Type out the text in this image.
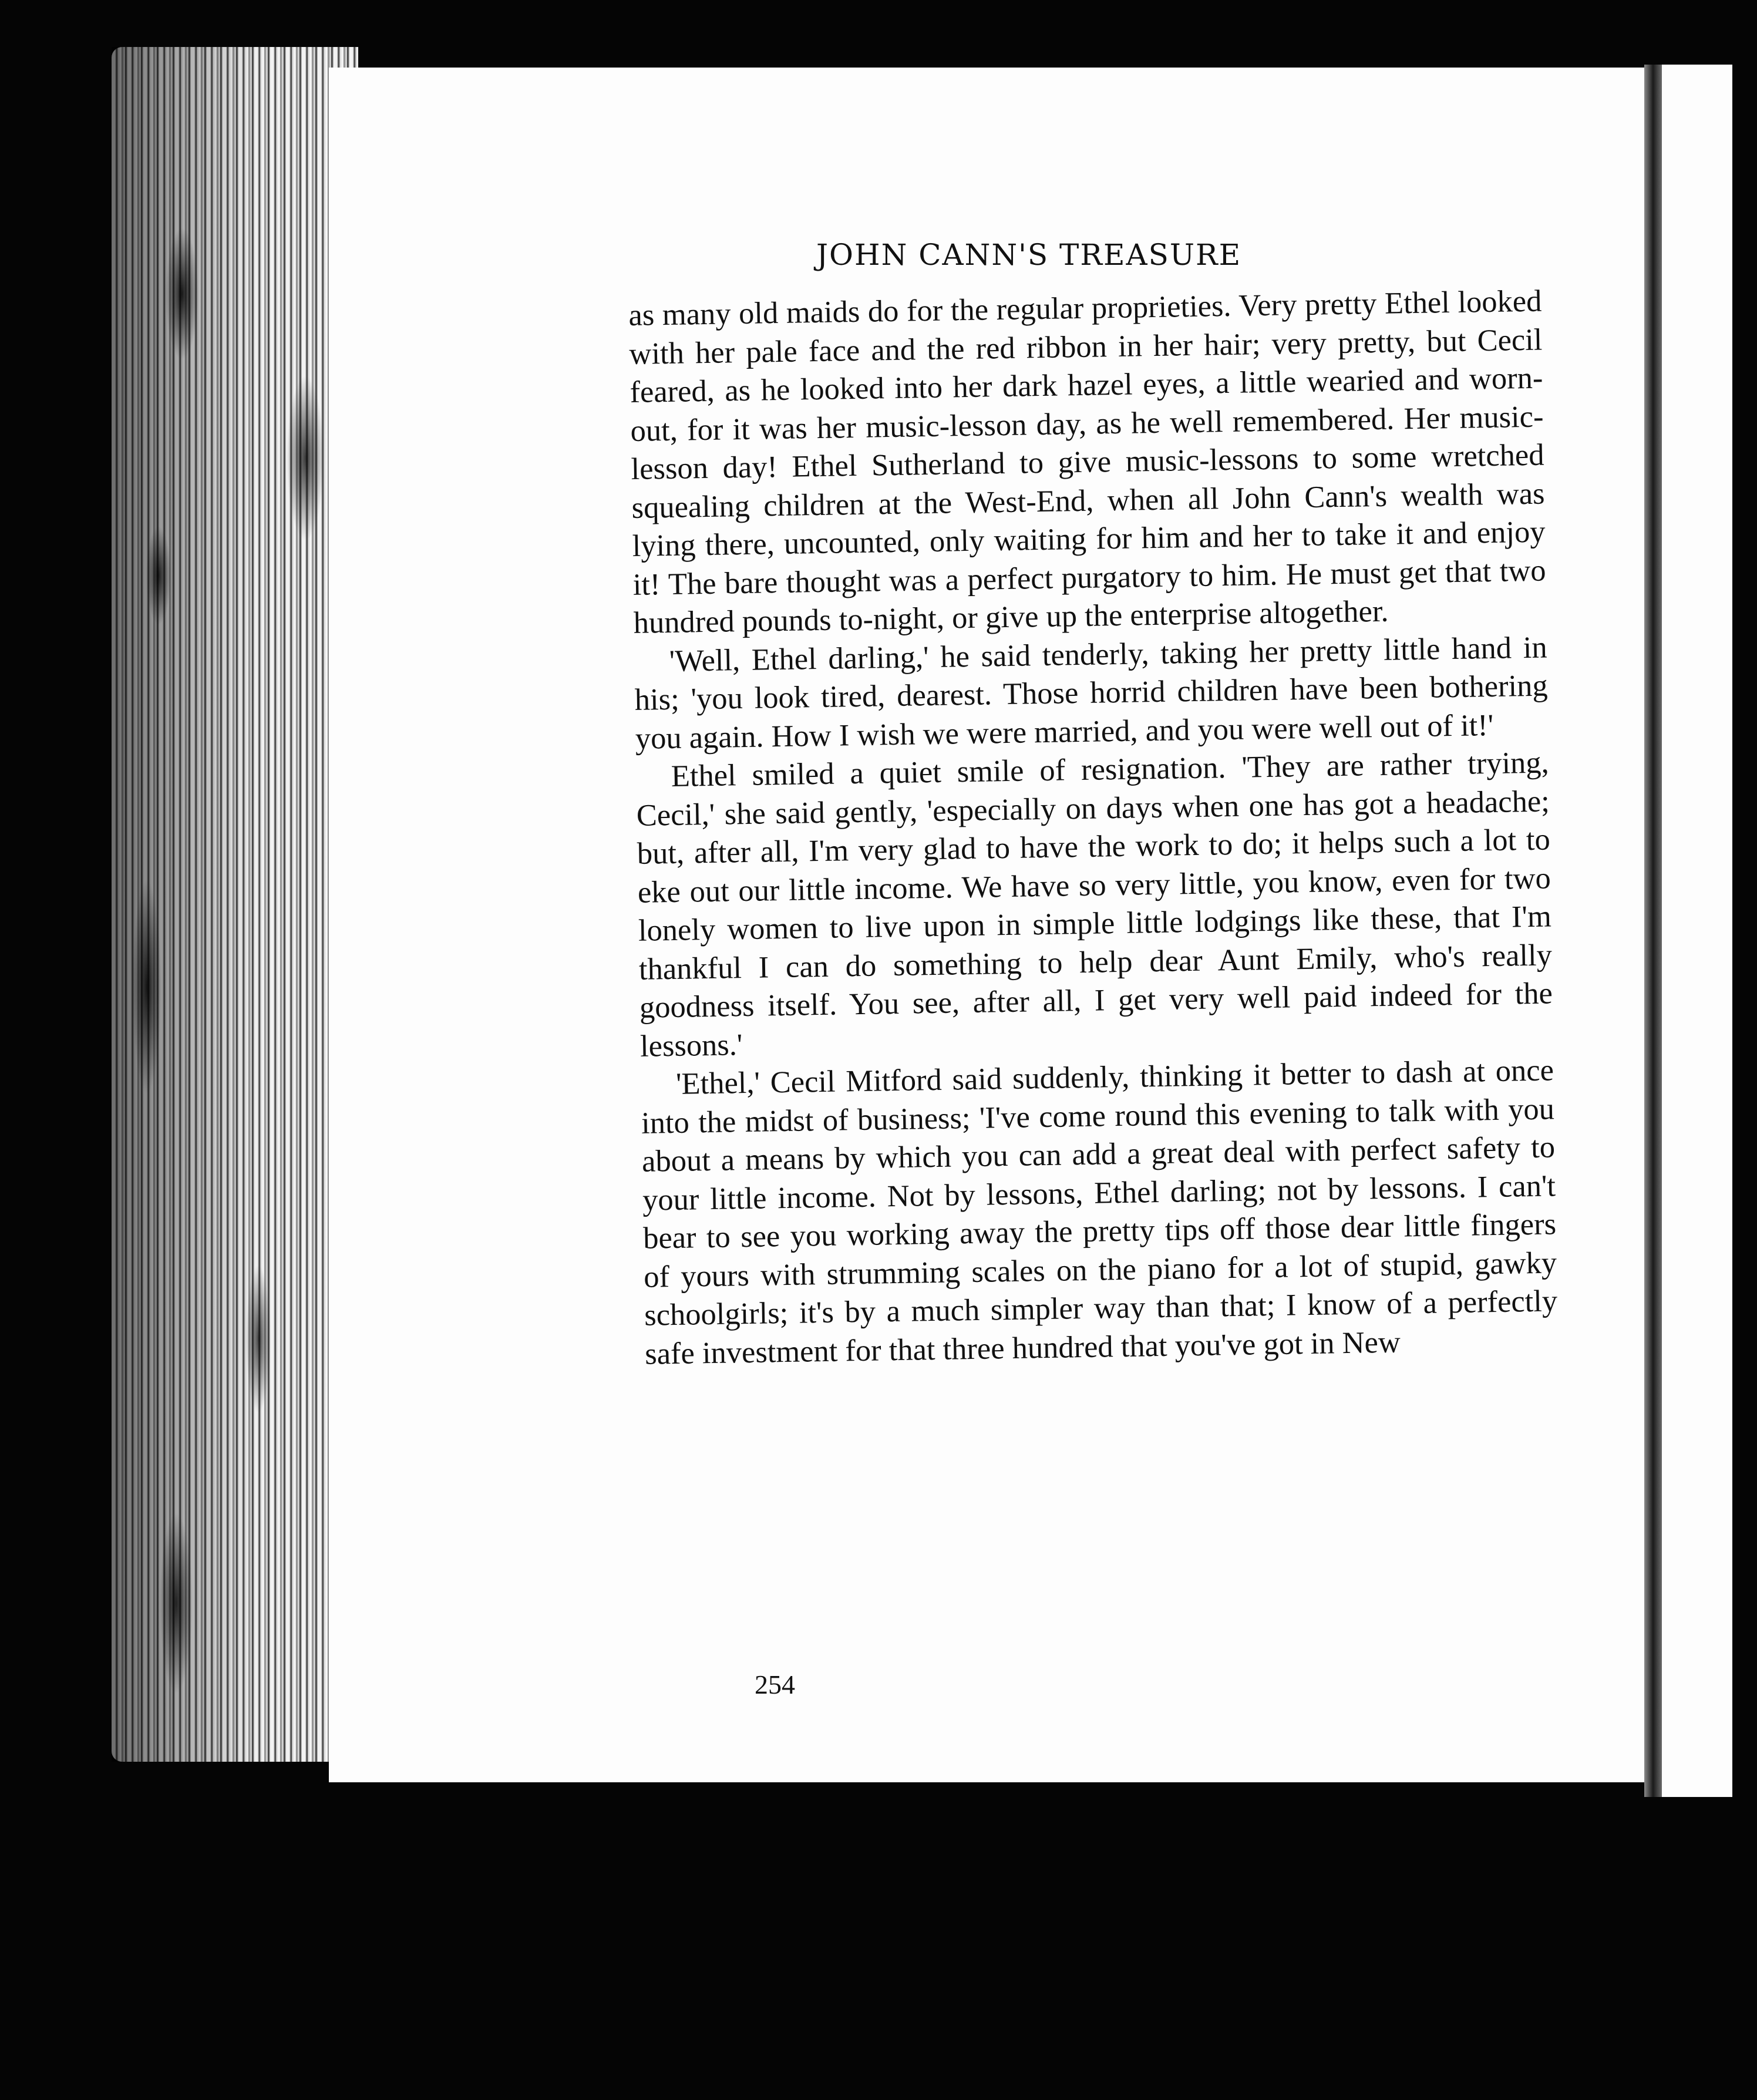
JOHN CANN'S TREASURE

as many old maids do for the regular proprieties. Very pretty Ethel looked with her pale face and the red ribbon in her hair; very pretty, but Cecil feared, as he looked into her dark hazel eyes, a little wearied and worn-out, for it was her music-lesson day, as he well remembered. Her music-lesson day! Ethel Sutherland to give music-lessons to some wretched squealing children at the West-End, when all John Cann's wealth was lying there, uncounted, only waiting for him and her to take it and enjoy it! The bare thought was a perfect purgatory to him. He must get that two hundred pounds to-night, or give up the enterprise altogether.

'Well, Ethel darling,' he said tenderly, taking her pretty little hand in his; 'you look tired, dearest. Those horrid children have been bothering you again. How I wish we were married, and you were well out of it!'

Ethel smiled a quiet smile of resignation. 'They are rather trying, Cecil,' she said gently, 'especially on days when one has got a headache; but, after all, I'm very glad to have the work to do; it helps such a lot to eke out our little income. We have so very little, you know, even for two lonely women to live upon in simple little lodgings like these, that I'm thankful I can do something to help dear Aunt Emily, who's really goodness itself. You see, after all, I get very well paid indeed for the lessons.'

'Ethel,' Cecil Mitford said suddenly, thinking it better to dash at once into the midst of business; 'I've come round this evening to talk with you about a means by which you can add a great deal with perfect safety to your little income. Not by lessons, Ethel darling; not by lessons. I can't bear to see you working away the pretty tips off those dear little fingers of yours with strumming scales on the piano for a lot of stupid, gawky schoolgirls; it's by a much simpler way than that; I know of a perfectly safe investment for that three hundred that you've got in New

254
